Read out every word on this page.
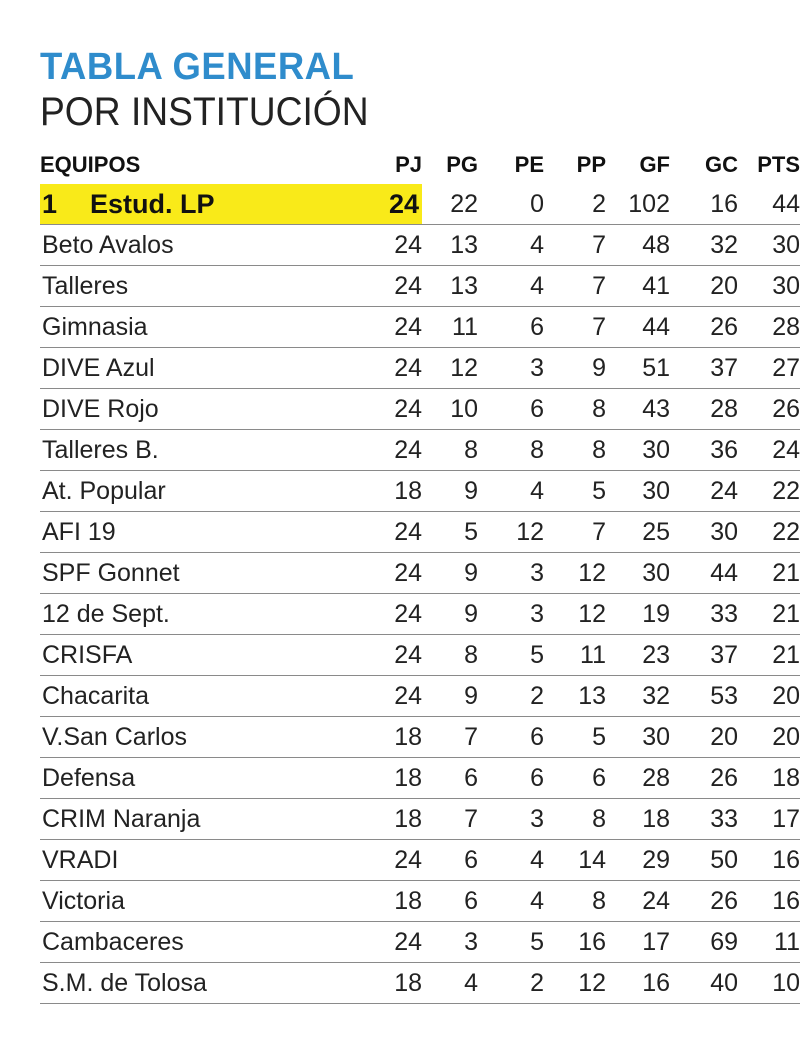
TABLA GENERAL
POR INSTITUCIÓN
EQUIPOS	PJ	PG	PE	PP	GF	GC	PTS
1 Estud. LP	24	22	0	2	102	16	44
Beto Avalos	24	13	4	7	48	32	30
Talleres	24	13	4	7	41	20	30
Gimnasia	24	11	6	7	44	26	28
DIVE Azul	24	12	3	9	51	37	27
DIVE Rojo	24	10	6	8	43	28	26
Talleres B.	24	8	8	8	30	36	24
At. Popular	18	9	4	5	30	24	22
AFI 19	24	5	12	7	25	30	22
SPF Gonnet	24	9	3	12	30	44	21
12 de Sept.	24	9	3	12	19	33	21
CRISFA	24	8	5	11	23	37	21
Chacarita	24	9	2	13	32	53	20
V.San Carlos	18	7	6	5	30	20	20
Defensa	18	6	6	6	28	26	18
CRIM Naranja	18	7	3	8	18	33	17
VRADI	24	6	4	14	29	50	16
Victoria	18	6	4	8	24	26	16
Cambaceres	24	3	5	16	17	69	11
S.M. de Tolosa	18	4	2	12	16	40	10
